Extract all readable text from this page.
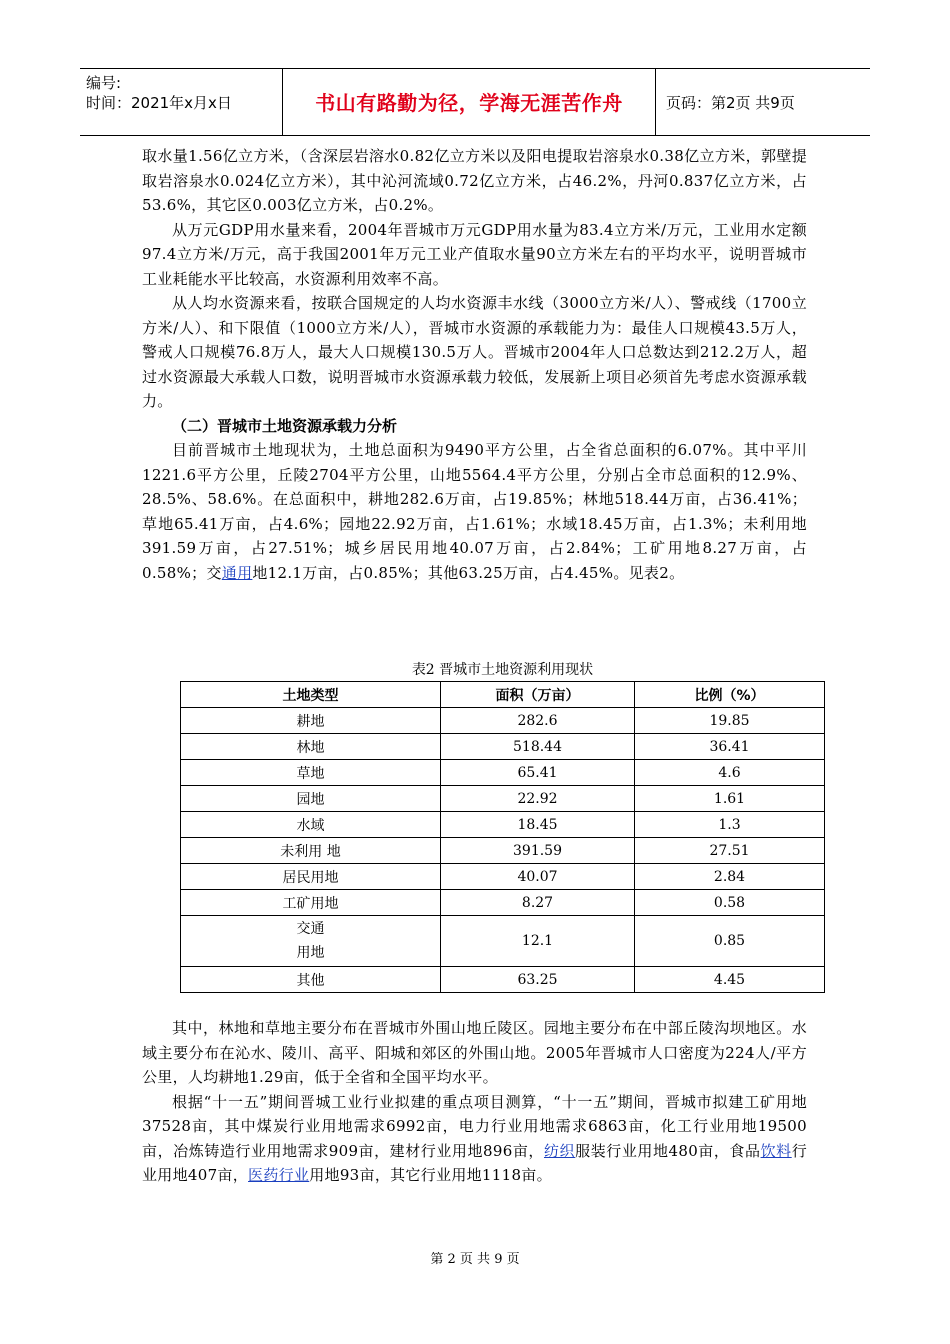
编号:
时间：2021年x月x日	书山有路勤为径，学海无涯苦作舟	页码：第2页 共9页

取水量1.56亿立方米，（含深层岩溶水0.82亿立方米以及阳电提取岩溶泉水0.38亿立方米，郭壁提取岩溶泉水0.024亿立方米），其中沁河流域0.72亿立方米，占46.2%，丹河0.837亿立方米，占53.6%，其它区0.003亿立方米，占0.2%。

从万元GDP用水量来看，2004年晋城市万元GDP用水量为83.4立方米/万元，工业用水定额97.4立方米/万元，高于我国2001年万元工业产值取水量90立方米左右的平均水平，说明晋城市工业耗能水平比较高，水资源利用效率不高。

从人均水资源来看，按联合国规定的人均水资源丰水线（3000立方米/人）、警戒线（1700立方米/人）、和下限值（1000立方米/人），晋城市水资源的承载能力为：最佳人口规模43.5万人，警戒人口规模76.8万人，最大人口规模130.5万人。晋城市2004年人口总数达到212.2万人，超过水资源最大承载人口数，说明晋城市水资源承载力较低，发展新上项目必须首先考虑水资源承载力。

（二）晋城市土地资源承载力分析

目前晋城市土地现状为，土地总面积为9490平方公里，占全省总面积的6.07%。其中平川1221.6平方公里，丘陵2704平方公里，山地5564.4平方公里，分别占全市总面积的12.9%、28.5%、58.6%。在总面积中，耕地282.6万亩，占19.85%；林地518.44万亩，占36.41%；草地65.41万亩，占4.6%；园地22.92万亩，占1.61%；水域18.45万亩，占1.3%；未利用地391.59万亩，占27.51%；城乡居民用地40.07万亩，占2.84%；工矿用地8.27万亩，占0.58%；交通用地12.1万亩，占0.85%；其他63.25万亩，占4.45%。见表2。

表2 晋城市土地资源利用现状
土地类型	面积（万亩）	比例（%）
耕地	282.6	19.85
林地	518.44	36.41
草地	65.41	4.6
园地	22.92	1.61
水域	18.45	1.3
未利用 地	391.59	27.51
居民用地	40.07	2.84
工矿用地	8.27	0.58
交通用地	12.1	0.85
其他	63.25	4.45

其中，林地和草地主要分布在晋城市外围山地丘陵区。园地主要分布在中部丘陵沟坝地区。水域主要分布在沁水、陵川、高平、阳城和郊区的外围山地。2005年晋城市人口密度为224人/平方公里，人均耕地1.29亩，低于全省和全国平均水平。

根据“十一五”期间晋城工业行业拟建的重点项目测算，“十一五”期间，晋城市拟建工矿用地37528亩，其中煤炭行业用地需求6992亩，电力行业用地需求6863亩，化工行业用地19500亩，冶炼铸造行业用地需求909亩，建材行业用地896亩，纺织服装行业用地480亩，食品饮料行业用地407亩，医药行业用地93亩，其它行业用地1118亩。

第 2 页 共 9 页
